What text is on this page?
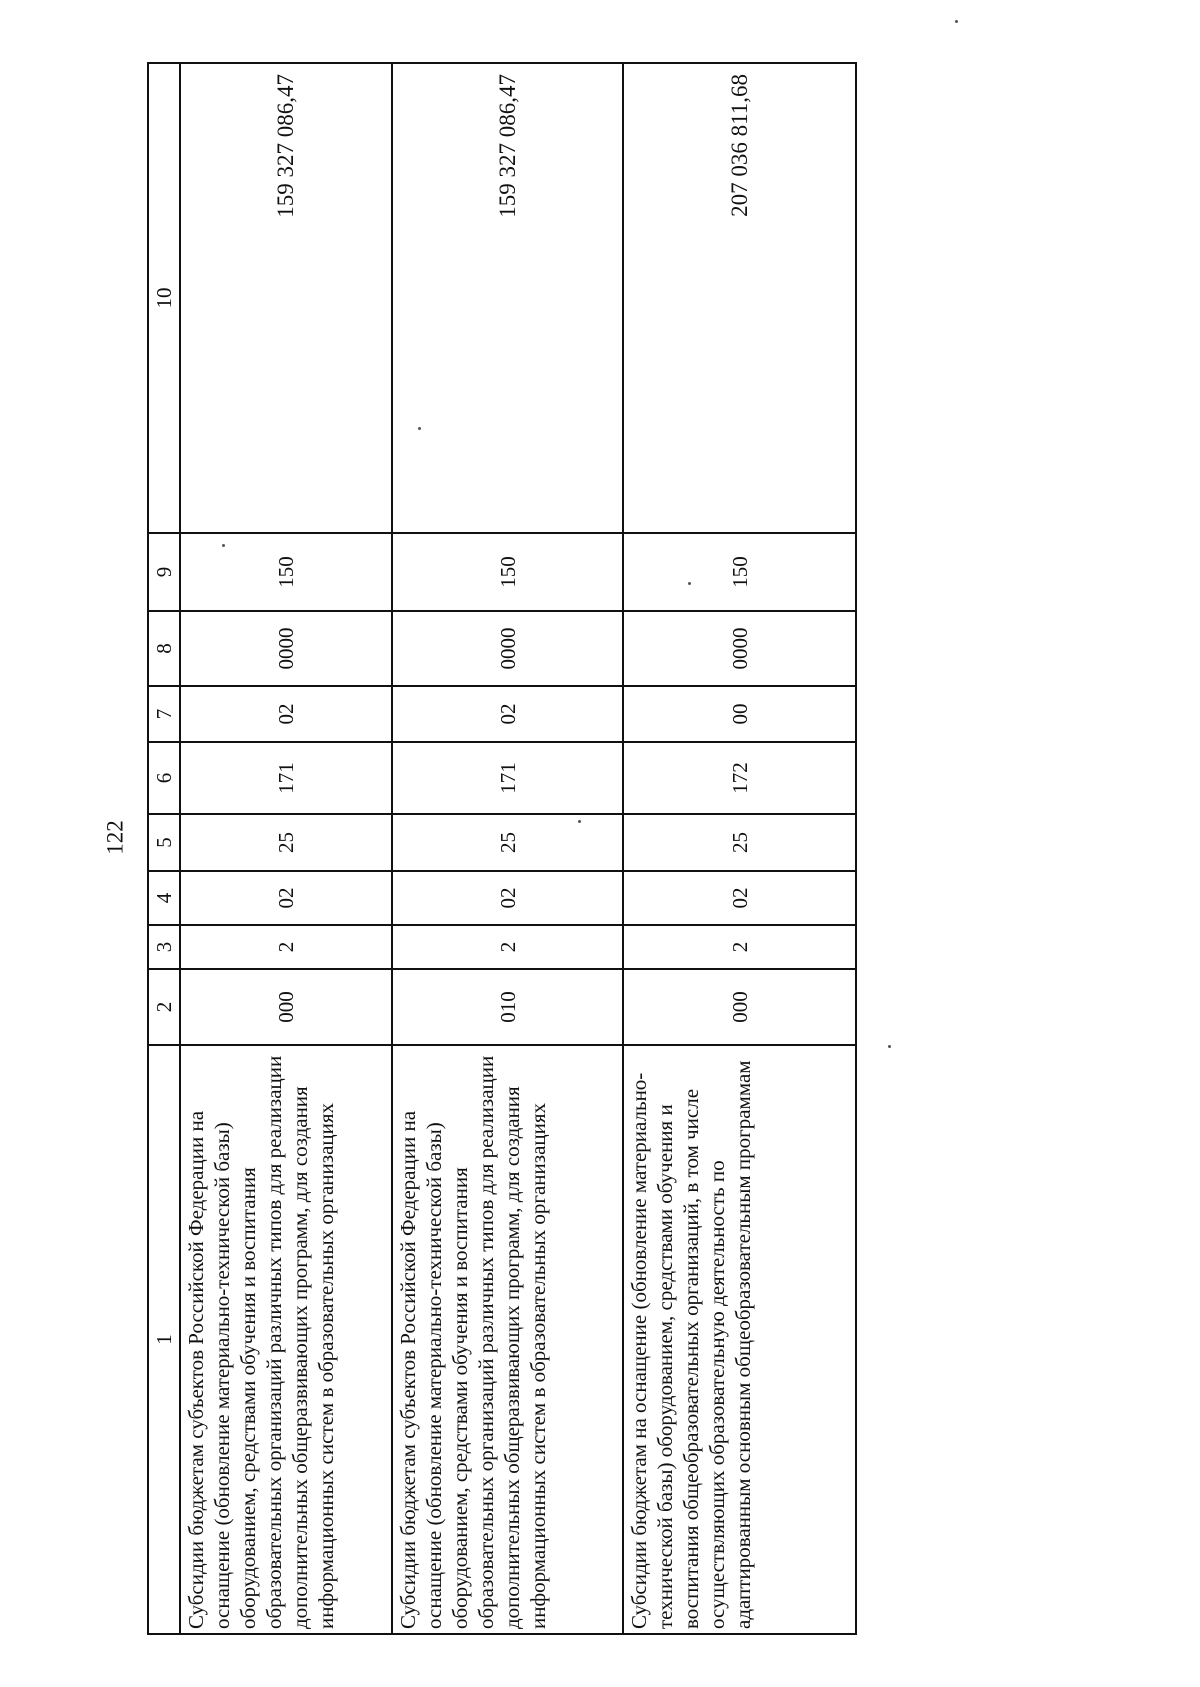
122
1	2	3	4	5	6	7	8	9	10
Субсидии бюджетам субъектов Российской Федерации на оснащение (обновление материально-технической базы) оборудованием, средствами обучения и воспитания образовательных организаций различных типов для реализации дополнительных общеразвивающих программ, для создания информационных систем в образовательных организациях	000	2	02	25	171	02	0000	150	159 327 086,47
Субсидии бюджетам субъектов Российской Федерации на оснащение (обновление материально-технической базы) оборудованием, средствами обучения и воспитания образовательных организаций различных типов для реализации дополнительных общеразвивающих программ, для создания информационных систем в образовательных организациях	010	2	02	25	171	02	0000	150	159 327 086,47
Субсидии бюджетам на оснащение (обновление материально-технической базы) оборудованием, средствами обучения и воспитания общеобразовательных организаций, в том числе осуществляющих образовательную деятельность по адаптированным основным общеобразовательным программам	000	2	02	25	172	00	0000	150	207 036 811,68
